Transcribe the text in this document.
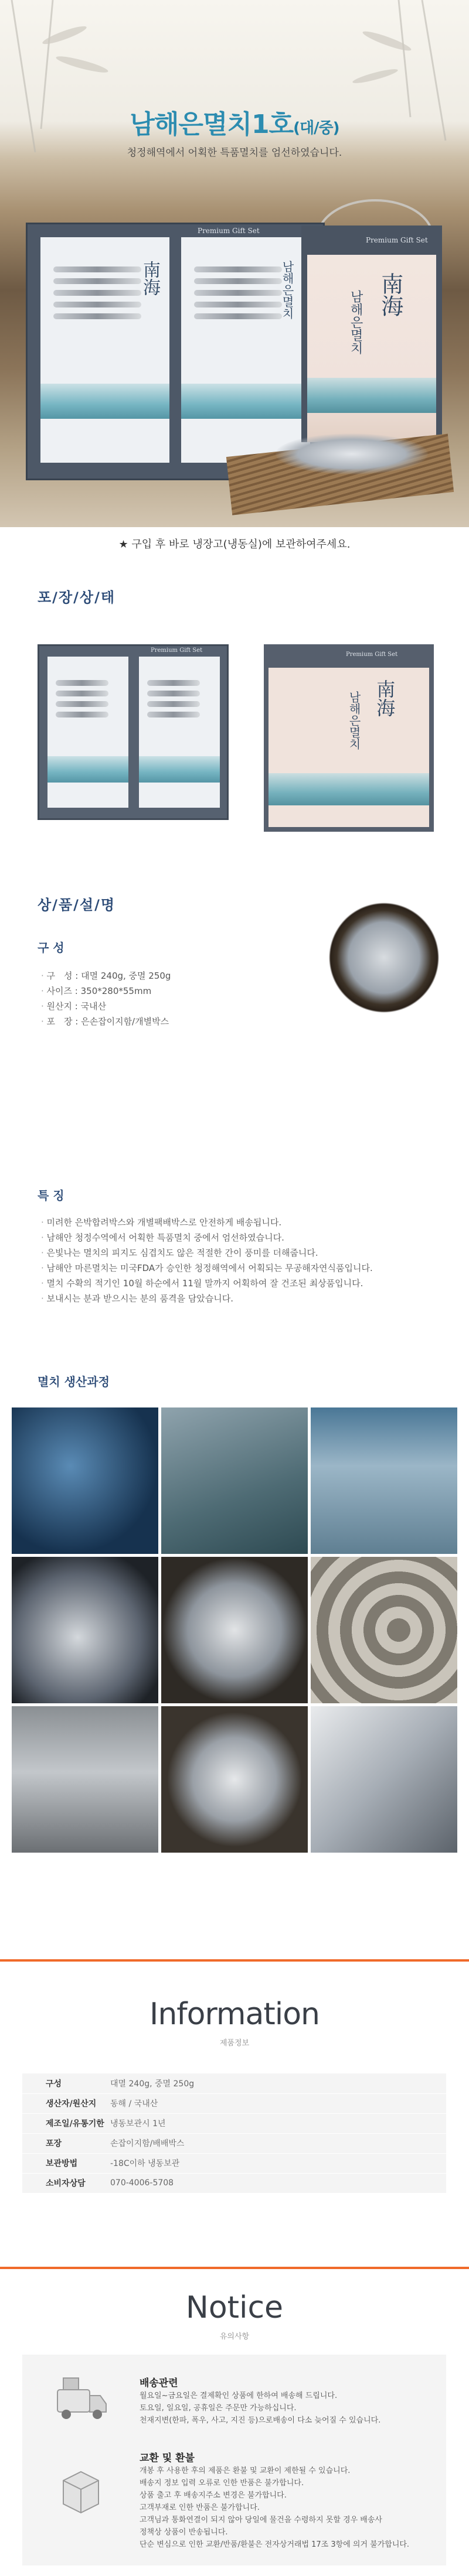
남해은멸치1호(대/중)
청정해역에서 어획한 특품멸치를 엄선하였습니다.
南海	남해은멸치
Premium Gift Set
Premium Gift Set
南海
남해은멸치
★ 구입 후 바로 냉장고(냉동실)에 보관하여주세요.
포/장/상/태
Premium Gift Set
Premium Gift Set
南海
남해은멸치
상/품/설/명
구 성
· 구　성 : 대멸 240g, 중멸 250g
· 사이즈 : 350*280*55mm
· 원산지 : 국내산
· 포　장 : 은손잡이지함/개별박스
특 징
· 미려한 은박합려박스와 개별팩배박스로 안전하게 배송됩니다.
· 남해안 청정수역에서 어획한 특품멸치 중에서 엄선하였습니다.
· 은빛나는 멸치의 피지도 심겹치도 않은 적절한 간이 풍미를 더해줍니다.
· 남해안 마른멸치는 미국FDA가 승인한 청정해역에서 어획되는 무공해자연식품입니다.
· 멸치 수확의 적기인 10월 하순에서 11월 말까지 어획하여 잘 건조된 최상품입니다.
· 보내시는 분과 받으시는 분의 품격을 담았습니다.
멸치 생산과정
Information
제품정보
구성	대멸 240g, 중멸 250g
생산자/원산지	동해 / 국내산
제조일/유통기한	냉동보관시 1년
포장	손잡이지함/배배박스
보관방법	-18C이하 냉동보관
소비자상담	070-4006-5708
Notice
유의사항
배송관련
월요일~금요일은 결제확인 상품에 한하여 배송해 드립니다.
토요일, 일요일, 공휴일은 주문만 가능하십니다.
천재지변(한파, 폭우, 사고, 지진 등)으로배송이 다소 늦어질 수 있습니다.
교환 및 환불
개봉 후 사용한 후의 제품은 환불 및 교환이 제한될 수 있습니다.
배송지 정보 입력 오류로 인한 반품은 불가합니다.
상품 출고 후 배송지주소 변경은 불가합니다.
고객부재로 인한 반품은 불가합니다.
고객님과 통화연결이 되지 않아 당일에 물건을 수령하지 못할 경우 배송사
정책상 상품이 반송됩니다.
단순 변심으로 인한 교환/반품/환불은 전자상거래법 17조 3항에 의거 불가합니다.
